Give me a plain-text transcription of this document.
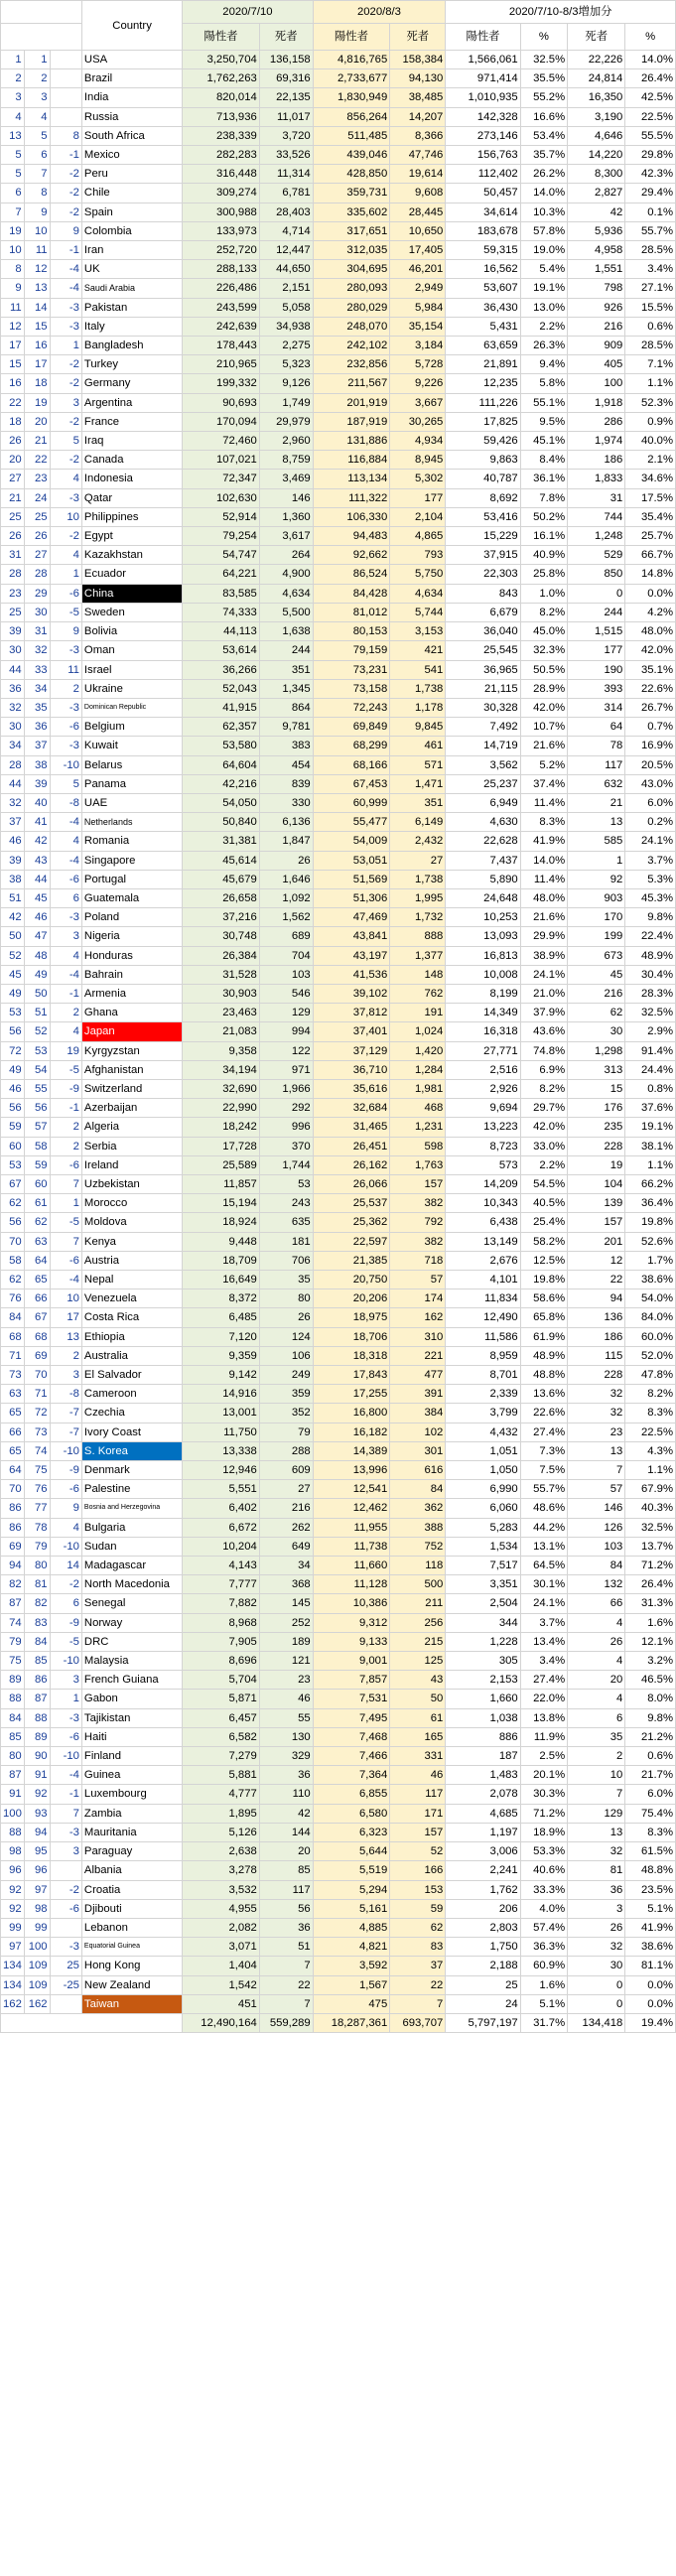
			Country	2020/7/10		2020/8/3		2020/7/10-8/3増加分			
				陽性者	死者	陽性者	死者	陽性者	%	死者	%
1	1		USA	3,250,704	136,158	4,816,765	158,384	1,566,061	32.5%	22,226	14.0%
2	2		Brazil	1,762,263	69,316	2,733,677	94,130	971,414	35.5%	24,814	26.4%
3	3		India	820,014	22,135	1,830,949	38,485	1,010,935	55.2%	16,350	42.5%
4	4		Russia	713,936	11,017	856,264	14,207	142,328	16.6%	3,190	22.5%
13	5	8	South Africa	238,339	3,720	511,485	8,366	273,146	53.4%	4,646	55.5%
5	6	-1	Mexico	282,283	33,526	439,046	47,746	156,763	35.7%	14,220	29.8%
5	7	-2	Peru	316,448	11,314	428,850	19,614	112,402	26.2%	8,300	42.3%
6	8	-2	Chile	309,274	6,781	359,731	9,608	50,457	14.0%	2,827	29.4%
7	9	-2	Spain	300,988	28,403	335,602	28,445	34,614	10.3%	42	0.1%
19	10	9	Colombia	133,973	4,714	317,651	10,650	183,678	57.8%	5,936	55.7%
10	11	-1	Iran	252,720	12,447	312,035	17,405	59,315	19.0%	4,958	28.5%
8	12	-4	UK	288,133	44,650	304,695	46,201	16,562	5.4%	1,551	3.4%
9	13	-4	Saudi Arabia	226,486	2,151	280,093	2,949	53,607	19.1%	798	27.1%
11	14	-3	Pakistan	243,599	5,058	280,029	5,984	36,430	13.0%	926	15.5%
12	15	-3	Italy	242,639	34,938	248,070	35,154	5,431	2.2%	216	0.6%
17	16	1	Bangladesh	178,443	2,275	242,102	3,184	63,659	26.3%	909	28.5%
15	17	-2	Turkey	210,965	5,323	232,856	5,728	21,891	9.4%	405	7.1%
16	18	-2	Germany	199,332	9,126	211,567	9,226	12,235	5.8%	100	1.1%
22	19	3	Argentina	90,693	1,749	201,919	3,667	111,226	55.1%	1,918	52.3%
18	20	-2	France	170,094	29,979	187,919	30,265	17,825	9.5%	286	0.9%
26	21	5	Iraq	72,460	2,960	131,886	4,934	59,426	45.1%	1,974	40.0%
20	22	-2	Canada	107,021	8,759	116,884	8,945	9,863	8.4%	186	2.1%
27	23	4	Indonesia	72,347	3,469	113,134	5,302	40,787	36.1%	1,833	34.6%
21	24	-3	Qatar	102,630	146	111,322	177	8,692	7.8%	31	17.5%
25	25	10	Philippines	52,914	1,360	106,330	2,104	53,416	50.2%	744	35.4%
26	26	-2	Egypt	79,254	3,617	94,483	4,865	15,229	16.1%	1,248	25.7%
31	27	4	Kazakhstan	54,747	264	92,662	793	37,915	40.9%	529	66.7%
28	28	1	Ecuador	64,221	4,900	86,524	5,750	22,303	25.8%	850	14.8%
23	29	-6	China	83,585	4,634	84,428	4,634	843	1.0%	0	0.0%
25	30	-5	Sweden	74,333	5,500	81,012	5,744	6,679	8.2%	244	4.2%
39	31	9	Bolivia	44,113	1,638	80,153	3,153	36,040	45.0%	1,515	48.0%
30	32	-3	Oman	53,614	244	79,159	421	25,545	32.3%	177	42.0%
44	33	11	Israel	36,266	351	73,231	541	36,965	50.5%	190	35.1%
36	34	2	Ukraine	52,043	1,345	73,158	1,738	21,115	28.9%	393	22.6%
32	35	-3	Dominican Republic	41,915	864	72,243	1,178	30,328	42.0%	314	26.7%
30	36	-6	Belgium	62,357	9,781	69,849	9,845	7,492	10.7%	64	0.7%
34	37	-3	Kuwait	53,580	383	68,299	461	14,719	21.6%	78	16.9%
28	38	-10	Belarus	64,604	454	68,166	571	3,562	5.2%	117	20.5%
44	39	5	Panama	42,216	839	67,453	1,471	25,237	37.4%	632	43.0%
32	40	-8	UAE	54,050	330	60,999	351	6,949	11.4%	21	6.0%
37	41	-4	Netherlands	50,840	6,136	55,477	6,149	4,630	8.3%	13	0.2%
46	42	4	Romania	31,381	1,847	54,009	2,432	22,628	41.9%	585	24.1%
39	43	-4	Singapore	45,614	26	53,051	27	7,437	14.0%	1	3.7%
38	44	-6	Portugal	45,679	1,646	51,569	1,738	5,890	11.4%	92	5.3%
51	45	6	Guatemala	26,658	1,092	51,306	1,995	24,648	48.0%	903	45.3%
42	46	-3	Poland	37,216	1,562	47,469	1,732	10,253	21.6%	170	9.8%
50	47	3	Nigeria	30,748	689	43,841	888	13,093	29.9%	199	22.4%
52	48	4	Honduras	26,384	704	43,197	1,377	16,813	38.9%	673	48.9%
45	49	-4	Bahrain	31,528	103	41,536	148	10,008	24.1%	45	30.4%
49	50	-1	Armenia	30,903	546	39,102	762	8,199	21.0%	216	28.3%
53	51	2	Ghana	23,463	129	37,812	191	14,349	37.9%	62	32.5%
56	52	4	Japan	21,083	994	37,401	1,024	16,318	43.6%	30	2.9%
72	53	19	Kyrgyzstan	9,358	122	37,129	1,420	27,771	74.8%	1,298	91.4%
49	54	-5	Afghanistan	34,194	971	36,710	1,284	2,516	6.9%	313	24.4%
46	55	-9	Switzerland	32,690	1,966	35,616	1,981	2,926	8.2%	15	0.8%
56	56	-1	Azerbaijan	22,990	292	32,684	468	9,694	29.7%	176	37.6%
59	57	2	Algeria	18,242	996	31,465	1,231	13,223	42.0%	235	19.1%
60	58	2	Serbia	17,728	370	26,451	598	8,723	33.0%	228	38.1%
53	59	-6	Ireland	25,589	1,744	26,162	1,763	573	2.2%	19	1.1%
67	60	7	Uzbekistan	11,857	53	26,066	157	14,209	54.5%	104	66.2%
62	61	1	Morocco	15,194	243	25,537	382	10,343	40.5%	139	36.4%
56	62	-5	Moldova	18,924	635	25,362	792	6,438	25.4%	157	19.8%
70	63	7	Kenya	9,448	181	22,597	382	13,149	58.2%	201	52.6%
58	64	-6	Austria	18,709	706	21,385	718	2,676	12.5%	12	1.7%
62	65	-4	Nepal	16,649	35	20,750	57	4,101	19.8%	22	38.6%
76	66	10	Venezuela	8,372	80	20,206	174	11,834	58.6%	94	54.0%
84	67	17	Costa Rica	6,485	26	18,975	162	12,490	65.8%	136	84.0%
68	68	13	Ethiopia	7,120	124	18,706	310	11,586	61.9%	186	60.0%
71	69	2	Australia	9,359	106	18,318	221	8,959	48.9%	115	52.0%
73	70	3	El Salvador	9,142	249	17,843	477	8,701	48.8%	228	47.8%
63	71	-8	Cameroon	14,916	359	17,255	391	2,339	13.6%	32	8.2%
65	72	-7	Czechia	13,001	352	16,800	384	3,799	22.6%	32	8.3%
66	73	-7	Ivory Coast	11,750	79	16,182	102	4,432	27.4%	23	22.5%
65	74	-10	S. Korea	13,338	288	14,389	301	1,051	7.3%	13	4.3%
64	75	-9	Denmark	12,946	609	13,996	616	1,050	7.5%	7	1.1%
70	76	-6	Palestine	5,551	27	12,541	84	6,990	55.7%	57	67.9%
86	77	9	Bosnia and Herzegovina	6,402	216	12,462	362	6,060	48.6%	146	40.3%
86	78	4	Bulgaria	6,672	262	11,955	388	5,283	44.2%	126	32.5%
69	79	-10	Sudan	10,204	649	11,738	752	1,534	13.1%	103	13.7%
94	80	14	Madagascar	4,143	34	11,660	118	7,517	64.5%	84	71.2%
82	81	-2	North Macedonia	7,777	368	11,128	500	3,351	30.1%	132	26.4%
87	82	6	Senegal	7,882	145	10,386	211	2,504	24.1%	66	31.3%
74	83	-9	Norway	8,968	252	9,312	256	344	3.7%	4	1.6%
79	84	-5	DRC	7,905	189	9,133	215	1,228	13.4%	26	12.1%
75	85	-10	Malaysia	8,696	121	9,001	125	305	3.4%	4	3.2%
89	86	3	French Guiana	5,704	23	7,857	43	2,153	27.4%	20	46.5%
88	87	1	Gabon	5,871	46	7,531	50	1,660	22.0%	4	8.0%
84	88	-3	Tajikistan	6,457	55	7,495	61	1,038	13.8%	6	9.8%
85	89	-6	Haiti	6,582	130	7,468	165	886	11.9%	35	21.2%
80	90	-10	Finland	7,279	329	7,466	331	187	2.5%	2	0.6%
87	91	-4	Guinea	5,881	36	7,364	46	1,483	20.1%	10	21.7%
91	92	-1	Luxembourg	4,777	110	6,855	117	2,078	30.3%	7	6.0%
100	93	7	Zambia	1,895	42	6,580	171	4,685	71.2%	129	75.4%
88	94	-3	Mauritania	5,126	144	6,323	157	1,197	18.9%	13	8.3%
98	95	3	Paraguay	2,638	20	5,644	52	3,006	53.3%	32	61.5%
96	96		Albania	3,278	85	5,519	166	2,241	40.6%	81	48.8%
92	97	-2	Croatia	3,532	117	5,294	153	1,762	33.3%	36	23.5%
92	98	-6	Djibouti	4,955	56	5,161	59	206	4.0%	3	5.1%
99	99		Lebanon	2,082	36	4,885	62	2,803	57.4%	26	41.9%
97	100	-3	Equatorial Guinea	3,071	51	4,821	83	1,750	36.3%	32	38.6%
134	109	25	Hong Kong	1,404	7	3,592	37	2,188	60.9%	30	81.1%
134	109	-25	New Zealand	1,542	22	1,567	22	25	1.6%	0	0.0%
162	162		Taiwan	451	7	475	7	24	5.1%	0	0.0%
				12,490,164	559,289	18,287,361	693,707	5,797,197	31.7%	134,418	19.4%
